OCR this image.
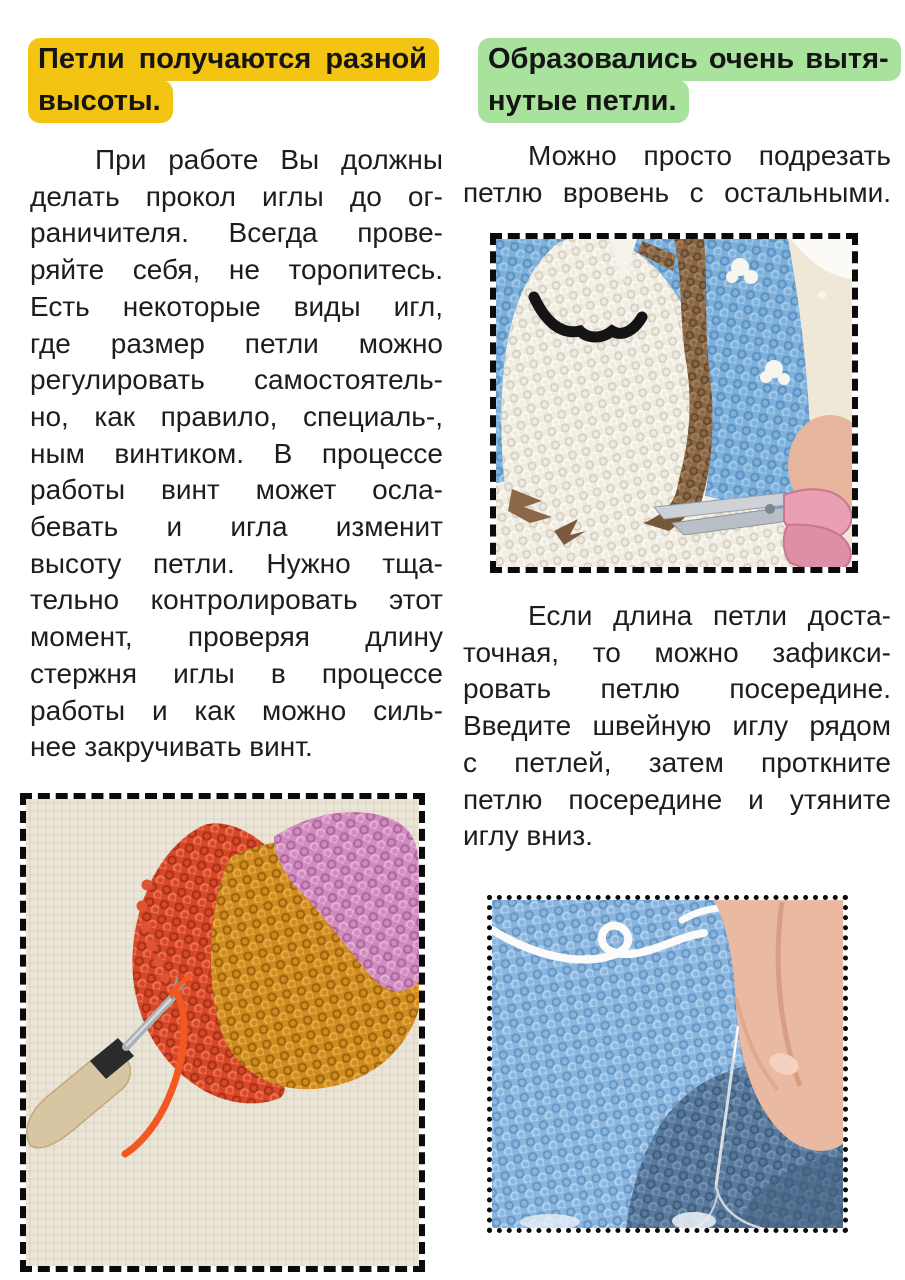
Петли получаются разной
высоты.
При работе Вы должны
делать прокол иглы до ог-
раничителя. Всегда прове-
ряйте себя, не торопитесь.
Есть некоторые виды игл,
где размер петли можно
регулировать самостоятель-
но, как правило, специаль-,
ным винтиком. В процессе
работы винт может осла-
бевать и игла изменит
высоту петли. Нужно тща-
тельно контролировать этот
момент, проверяя длину
стержня иглы в процессе
работы и как можно силь-
нее закручивать винт.
Образовались очень вытя-
нутые петли.
Можно просто подрезать
петлю вровень с остальными.
Если длина петли доста-
точная, то можно зафикси-
ровать петлю посередине.
Введите швейную иглу рядом
с петлей, затем проткните
петлю посередине и утяните
иглу вниз.
